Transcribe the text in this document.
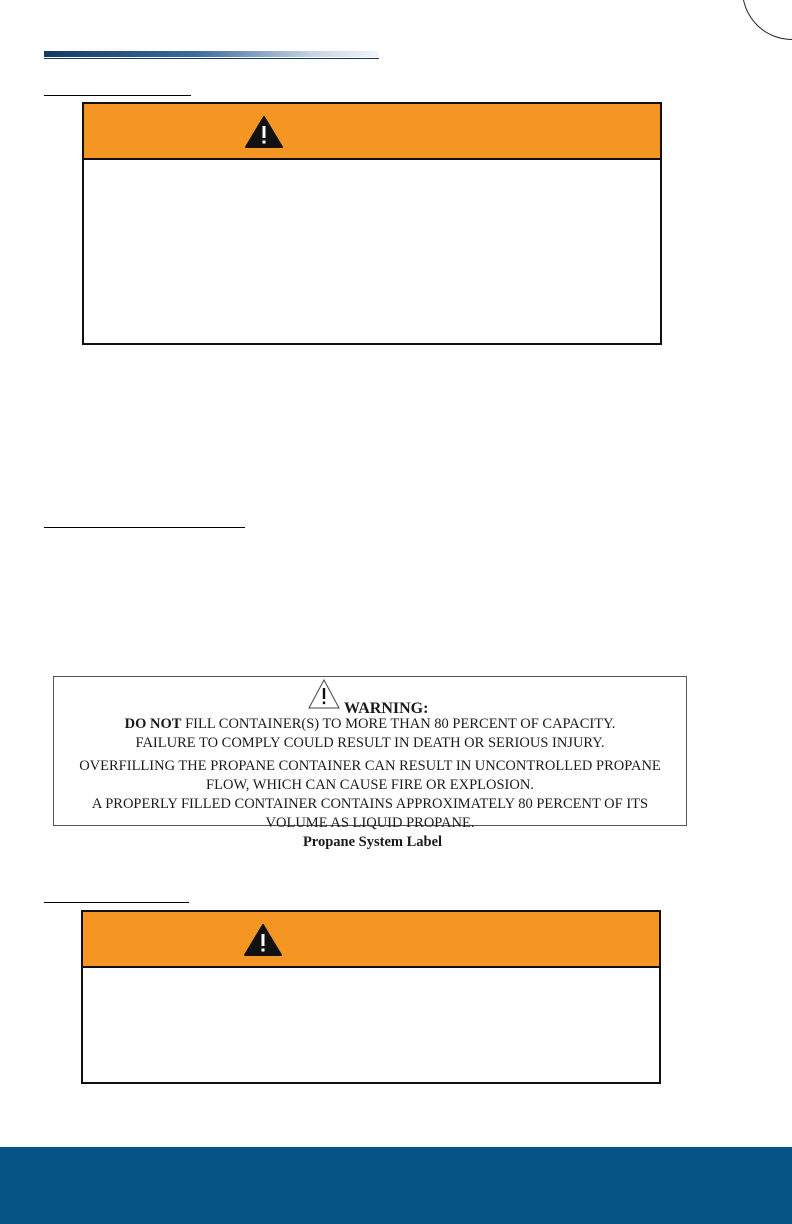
WARNING:
DO NOT FILL CONTAINER(S) TO MORE THAN 80 PERCENT OF CAPACITY.
FAILURE TO COMPLY COULD RESULT IN DEATH OR SERIOUS INJURY.
OVERFILLING THE PROPANE CONTAINER CAN RESULT IN UNCONTROLLED PROPANE
FLOW, WHICH CAN CAUSE FIRE OR EXPLOSION.
A PROPERLY FILLED CONTAINER CONTAINS APPROXIMATELY 80 PERCENT OF ITS
VOLUME AS LIQUID PROPANE.
Propane System Label
